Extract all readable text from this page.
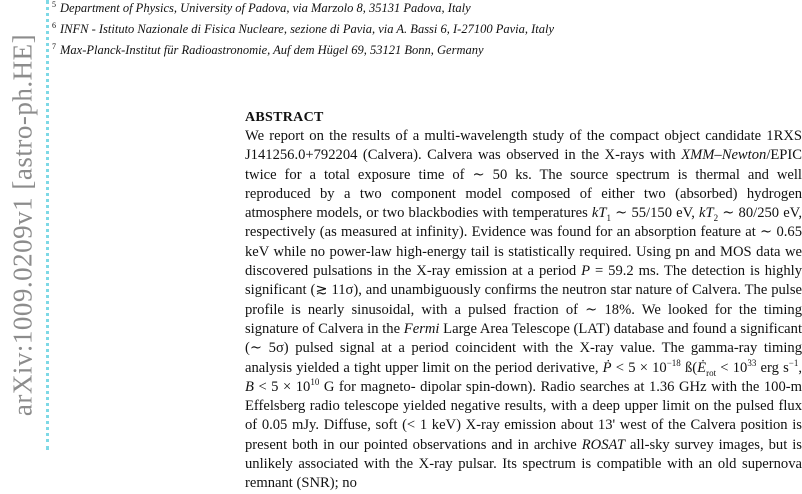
arXiv:1009.0209v1 [astro-ph.HE]
$^5$ Department of Physics, University of Padova, via Marzolo 8, 35131 Padova, Italy
$^6$ INFN - Istituto Nazionale di Fisica Nucleare, sezione di Pavia, via A. Bassi 6, I-27100 Pavia, Italy
$^7$ Max-Planck-Institut für Radioastronomie, Auf dem Hügel 69, 53121 Bonn, Germany
ABSTRACT

We report on the results of a multi-wavelength study of the compact object candidate 1RXS J141256.0+792204 (Calvera). Calvera was observed in the X-rays with XMM–Newton/EPIC twice for a total exposure time of ∼ 50 ks. The source spectrum is thermal and well reproduced by a two component model composed of either two (absorbed) hydrogen atmosphere models, or two blackbodies with temperatures $kT_1$ ∼ 55/150 eV, $kT_2$ ∼ 80/250 eV, respectively (as measured at infinity). Evidence was found for an absorption feature at ∼ 0.65 keV while no power-law high-energy tail is statistically required. Using pn and MOS data we discovered pulsations in the X-ray emission at a period P = 59.2 ms. The detection is highly significant (≳ 11σ), and unambiguously confirms the neutron star nature of Calvera. The pulse profile is nearly sinusoidal, with a pulsed fraction of ∼ 18%. We looked for the timing signature of Calvera in the Fermi Large Area Telescope (LAT) database and found a significant (∼ 5σ) pulsed signal at a period coincident with the X-ray value. The gamma-ray timing analysis yielded a tight upper limit on the period derivative, Ṗ < $5 \times 10^{-18}$ $ß(Ė_{rot} < 10^{33}$ erg $s^{-1}$, $B < 5 \times 10^{10}$ G for magneto- dipolar spin-down). Radio searches at 1.36 GHz with the 100-m Effelsberg radio telescope yielded negative results, with a deep upper limit on the pulsed flux of 0.05 mJy. Diffuse, soft (< 1 keV) X-ray emission about 13' west of the Calvera position is present both in our pointed observations and in archive ROSAT all-sky survey images, but is unlikely associated with the X-ray pulsar. Its spectrum is compatible with an old supernova remnant (SNR); no
